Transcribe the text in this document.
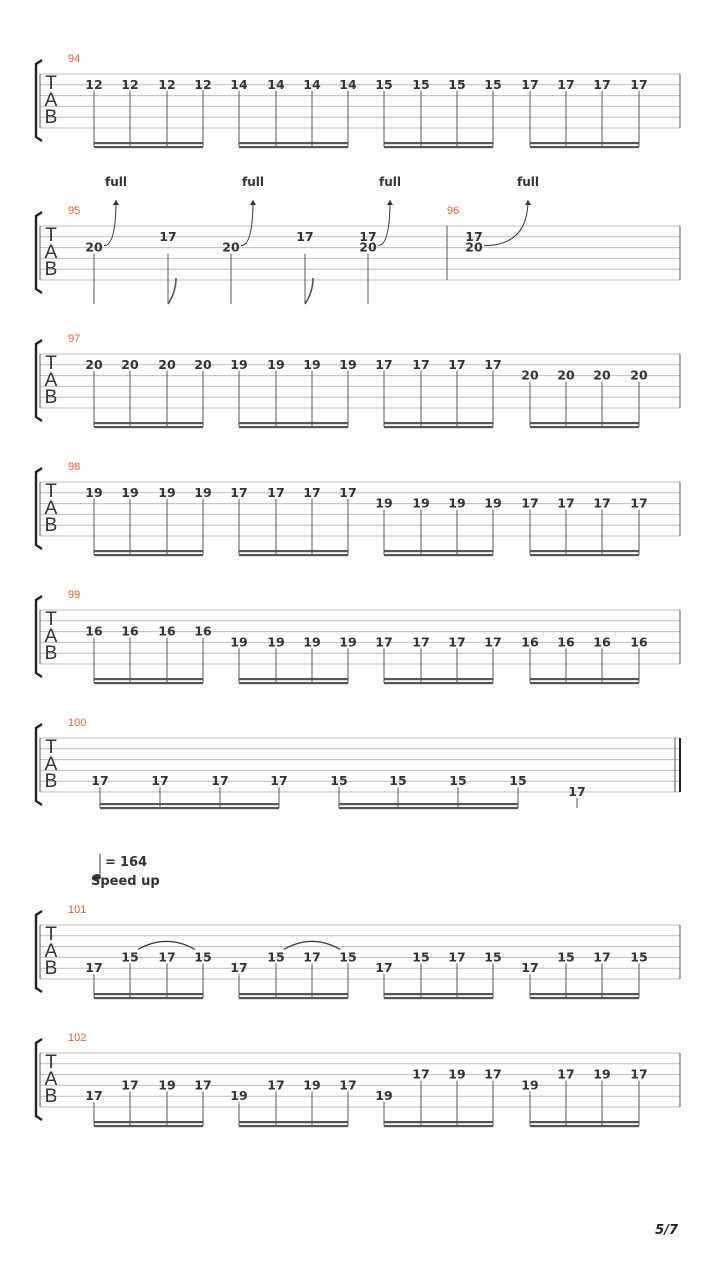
T
A
B
94
12 12 12 12 14 14 14 14 15 15 15 15 17 17 17 17
T
A
B
95
20
full
17
20
full
17	17
20
full
96
17
20
full
T
A
B
97
20 20 20 20 19 19 19 19 17 17 17 17
20 20 20 20
T
A
B
98
19 19 19 19 17 17 17 17
19 19 19 19 17 17 17 17
T
A
B
99
16 16 16 16
19 19 19 19 17 17 17 17 16 16 16 16
T
A
B
100
17	17	17	17	15	15	15	15
17
T
A
B
101
17
15 17 15
17
15 17 15
17
15 17 15
17
15 17 15
T
A
B
102
17
17 19 17
19
17 19 17
19
17 19 17
19
17 19 17
= 164
Speed up
5/7
